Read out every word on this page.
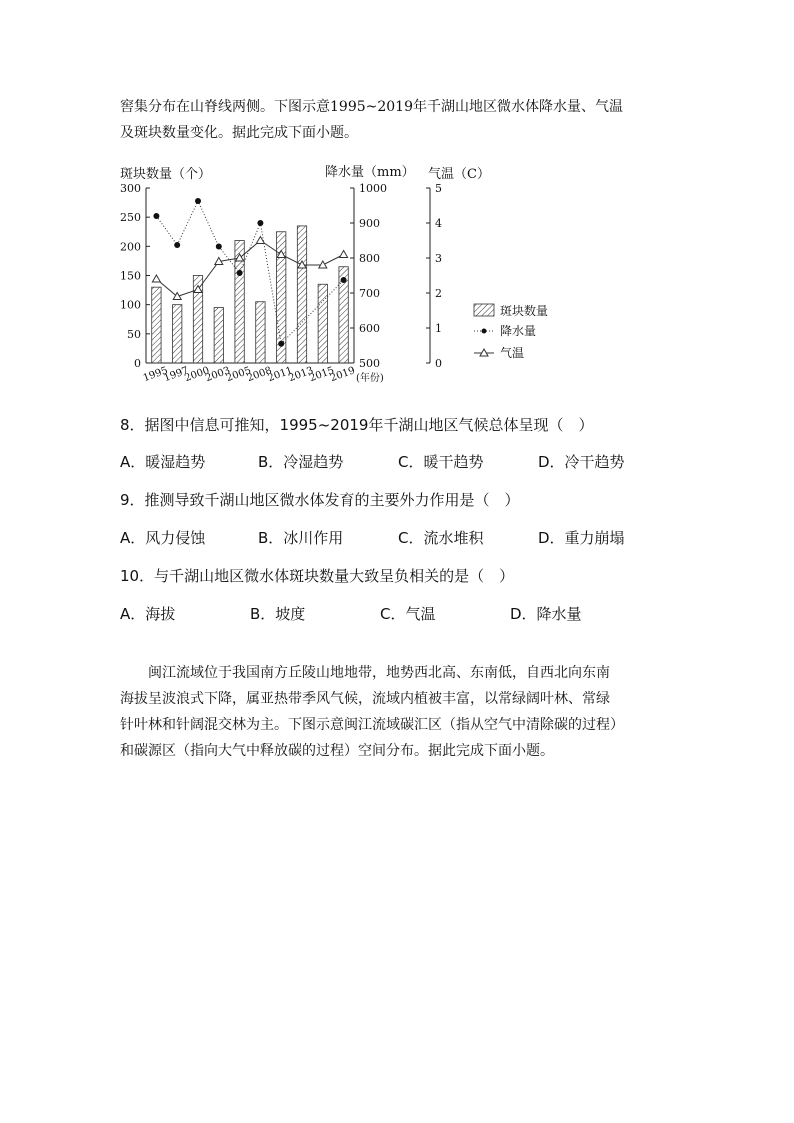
窖集分布在山脊线两侧。下图示意1995~2019年千湖山地区微水体降水量、气温
及斑块数量变化。据此完成下面小题。
斑块数量（个）	降水量（mm） 气温（C）
0
50
100
150
200
250
300
500
600
700
800
900
1000
0
1
2
3
4
5
1995
1997
2000
2003
2005
2008
2011
2013
2015
2019 (年份)
斑块数量
降水量
气温
8．据图中信息可推知，1995~2019年千湖山地区气候总体呈现（　）
A．暖湿趋势	B．冷湿趋势	C．暖干趋势	D．冷干趋势
9．推测导致千湖山地区微水体发育的主要外力作用是（　）
A．风力侵蚀	B．冰川作用	C．流水堆积	D．重力崩塌
10．与千湖山地区微水体斑块数量大致呈负相关的是（　）
A．海拔	B．坡度	C．气温	D．降水量
闽江流域位于我国南方丘陵山地地带，地势西北高、东南低，自西北向东南
海拔呈波浪式下降，属亚热带季风气候，流域内植被丰富，以常绿阔叶林、常绿
针叶林和针阔混交林为主。下图示意闽江流域碳汇区（指从空气中清除碳的过程）
和碳源区（指向大气中释放碳的过程）空间分布。据此完成下面小题。
